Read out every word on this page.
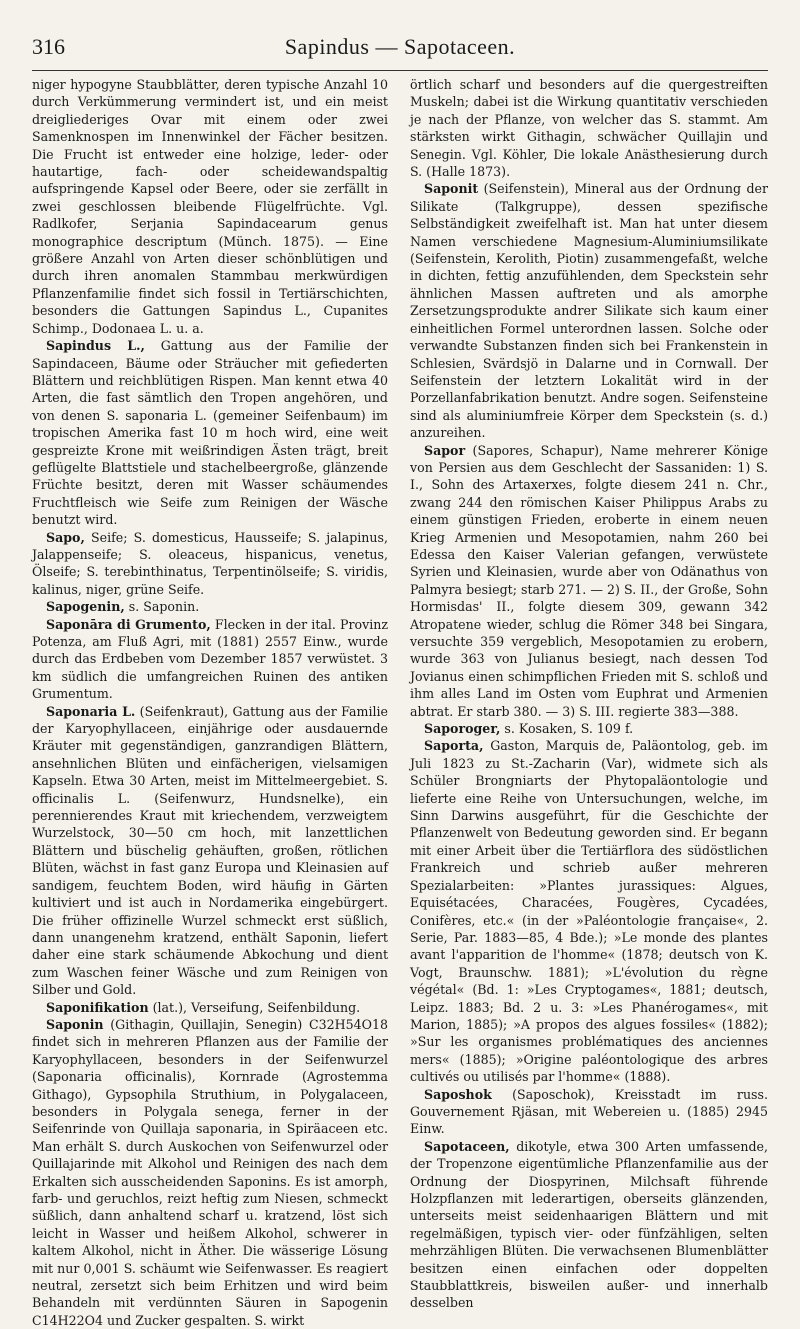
316	Sapindus — Sapotaceen.

niger hypogyne Staubblätter, deren typische Anzahl 10 durch Verkümmerung vermindert ist, und ein meist dreigliederiges Ovar mit einem oder zwei Samenknospen im Innenwinkel der Fächer besitzen. Die Frucht ist entweder eine holzige, leder- oder hautartige, fach- oder scheidewandspaltig aufspringende Kapsel oder Beere, oder sie zerfällt in zwei geschlossen bleibende Flügelfrüchte. Vgl. Radlkofer, Serjania Sapindacearum genus monographice descriptum (Münch. 1875). — Eine größere Anzahl von Arten dieser schönblütigen und durch ihren anomalen Stammbau merkwürdigen Pflanzenfamilie findet sich fossil in Tertiärschichten, besonders die Gattungen Sapindus L., Cupanites Schimp., Dodonaea L. u. a.

Sapindus L., Gattung aus der Familie der Sapindaceen, Bäume oder Sträucher mit gefiederten Blättern und reichblütigen Rispen. Man kennt etwa 40 Arten, die fast sämtlich den Tropen angehören, und von denen S. saponaria L. (gemeiner Seifenbaum) im tropischen Amerika fast 10 m hoch wird, eine weit gespreizte Krone mit weißrindigen Ästen trägt, breit geflügelte Blattstiele und stachelbeergroße, glänzende Früchte besitzt, deren mit Wasser schäumendes Fruchtfleisch wie Seife zum Reinigen der Wäsche benutzt wird.

Sapo, Seife; S. domesticus, Hausseife; S. jalapinus, Jalappenseife; S. oleaceus, hispanicus, venetus, Ölseife; S. terebinthinatus, Terpentinölseife; S. viridis, kalinus, niger, grüne Seife.

Sapogenin, s. Saponin.

Saponāra di Grumento, Flecken in der ital. Provinz Potenza, am Fluß Agri, mit (1881) 2557 Einw., wurde durch das Erdbeben vom Dezember 1857 verwüstet. 3 km südlich die umfangreichen Ruinen des antiken Grumentum.

Saponaria L. (Seifenkraut), Gattung aus der Familie der Karyophyllaceen, einjährige oder ausdauernde Kräuter mit gegenständigen, ganzrandigen Blättern, ansehnlichen Blüten und einfächerigen, vielsamigen Kapseln. Etwa 30 Arten, meist im Mittelmeergebiet. S. officinalis L. (Seifenwurz, Hundsnelke), ein perennierendes Kraut mit kriechendem, verzweigtem Wurzelstock, 30—50 cm hoch, mit lanzettlichen Blättern und büschelig gehäuften, großen, rötlichen Blüten, wächst in fast ganz Europa und Kleinasien auf sandigem, feuchtem Boden, wird häufig in Gärten kultiviert und ist auch in Nordamerika eingebürgert. Die früher offizinelle Wurzel schmeckt erst süßlich, dann unangenehm kratzend, enthält Saponin, liefert daher eine stark schäumende Abkochung und dient zum Waschen feiner Wäsche und zum Reinigen von Silber und Gold.

Saponifikation (lat.), Verseifung, Seifenbildung.

Saponin (Githagin, Quillajin, Senegin) C32H54O18 findet sich in mehreren Pflanzen aus der Familie der Karyophyllaceen, besonders in der Seifenwurzel (Saponaria officinalis), Kornrade (Agrostemma Githago), Gypsophila Struthium, in Polygalaceen, besonders in Polygala senega, ferner in der Seifenrinde von Quillaja saponaria, in Spiräaceen etc. Man erhält S. durch Auskochen von Seifenwurzel oder Quillajarinde mit Alkohol und Reinigen des nach dem Erkalten sich ausscheidenden Saponins. Es ist amorph, farb- und geruchlos, reizt heftig zum Niesen, schmeckt süßlich, dann anhaltend scharf u. kratzend, löst sich leicht in Wasser und heißem Alkohol, schwerer in kaltem Alkohol, nicht in Äther. Die wässerige Lösung mit nur 0,001 S. schäumt wie Seifenwasser. Es reagiert neutral, zersetzt sich beim Erhitzen und wird beim Behandeln mit verdünnten Säuren in Sapogenin C14H22O4 und Zucker gespalten. S. wirkt

örtlich scharf und besonders auf die quergestreiften Muskeln; dabei ist die Wirkung quantitativ verschieden je nach der Pflanze, von welcher das S. stammt. Am stärksten wirkt Githagin, schwächer Quillajin und Senegin. Vgl. Köhler, Die lokale Anästhesierung durch S. (Halle 1873).

Saponit (Seifenstein), Mineral aus der Ordnung der Silikate (Talkgruppe), dessen spezifische Selbständigkeit zweifelhaft ist. Man hat unter diesem Namen verschiedene Magnesium-Aluminiumsilikate (Seifenstein, Kerolith, Piotin) zusammengefaßt, welche in dichten, fettig anzufühlenden, dem Speckstein sehr ähnlichen Massen auftreten und als amorphe Zersetzungsprodukte andrer Silikate sich kaum einer einheitlichen Formel unterordnen lassen. Solche oder verwandte Substanzen finden sich bei Frankenstein in Schlesien, Svärdsjö in Dalarne und in Cornwall. Der Seifenstein der letztern Lokalität wird in der Porzellanfabrikation benutzt. Andre sogen. Seifensteine sind als aluminiumfreie Körper dem Speckstein (s. d.) anzureihen.

Sapor (Sapores, Schapur), Name mehrerer Könige von Persien aus dem Geschlecht der Sassaniden: 1) S. I., Sohn des Artaxerxes, folgte diesem 241 n. Chr., zwang 244 den römischen Kaiser Philippus Arabs zu einem günstigen Frieden, eroberte in einem neuen Krieg Armenien und Mesopotamien, nahm 260 bei Edessa den Kaiser Valerian gefangen, verwüstete Syrien und Kleinasien, wurde aber von Odänathus von Palmyra besiegt; starb 271. — 2) S. II., der Große, Sohn Hormisdas' II., folgte diesem 309, gewann 342 Atropatene wieder, schlug die Römer 348 bei Singara, versuchte 359 vergeblich, Mesopotamien zu erobern, wurde 363 von Julianus besiegt, nach dessen Tod Jovianus einen schimpflichen Frieden mit S. schloß und ihm alles Land im Osten vom Euphrat und Armenien abtrat. Er starb 380. — 3) S. III. regierte 383—388.

Saporoger, s. Kosaken, S. 109 f.

Saporta, Gaston, Marquis de, Paläontolog, geb. im Juli 1823 zu St.-Zacharin (Var), widmete sich als Schüler Brongniarts der Phytopaläontologie und lieferte eine Reihe von Untersuchungen, welche, im Sinn Darwins ausgeführt, für die Geschichte der Pflanzenwelt von Bedeutung geworden sind. Er begann mit einer Arbeit über die Tertiärflora des südöstlichen Frankreich und schrieb außer mehreren Spezialarbeiten: »Plantes jurassiques: Algues, Equisétacées, Characées, Fougères, Cycadées, Conifères, etc.« (in der »Paléontologie française«, 2. Serie, Par. 1883—85, 4 Bde.); »Le monde des plantes avant l'apparition de l'homme« (1878; deutsch von K. Vogt, Braunschw. 1881); »L'évolution du règne végétal« (Bd. 1: »Les Cryptogames«, 1881; deutsch, Leipz. 1883; Bd. 2 u. 3: »Les Phanérogames«, mit Marion, 1885); »A propos des algues fossiles« (1882); »Sur les organismes problématiques des anciennes mers« (1885); »Origine paléontologique des arbres cultivés ou utilisés par l'homme« (1888).

Saposhok (Saposchok), Kreisstadt im russ. Gouvernement Rjäsan, mit Webereien u. (1885) 2945 Einw.

Sapotaceen, dikotyle, etwa 300 Arten umfassende, der Tropenzone eigentümliche Pflanzenfamilie aus der Ordnung der Diospyrinen, Milchsaft führende Holzpflanzen mit lederartigen, oberseits glänzenden, unterseits meist seidenhaarigen Blättern und mit regelmäßigen, typisch vier- oder fünfzähligen, selten mehrzähligen Blüten. Die verwachsenen Blumenblätter besitzen einen einfachen oder doppelten Staubblattkreis, bisweilen außer- und innerhalb desselben
